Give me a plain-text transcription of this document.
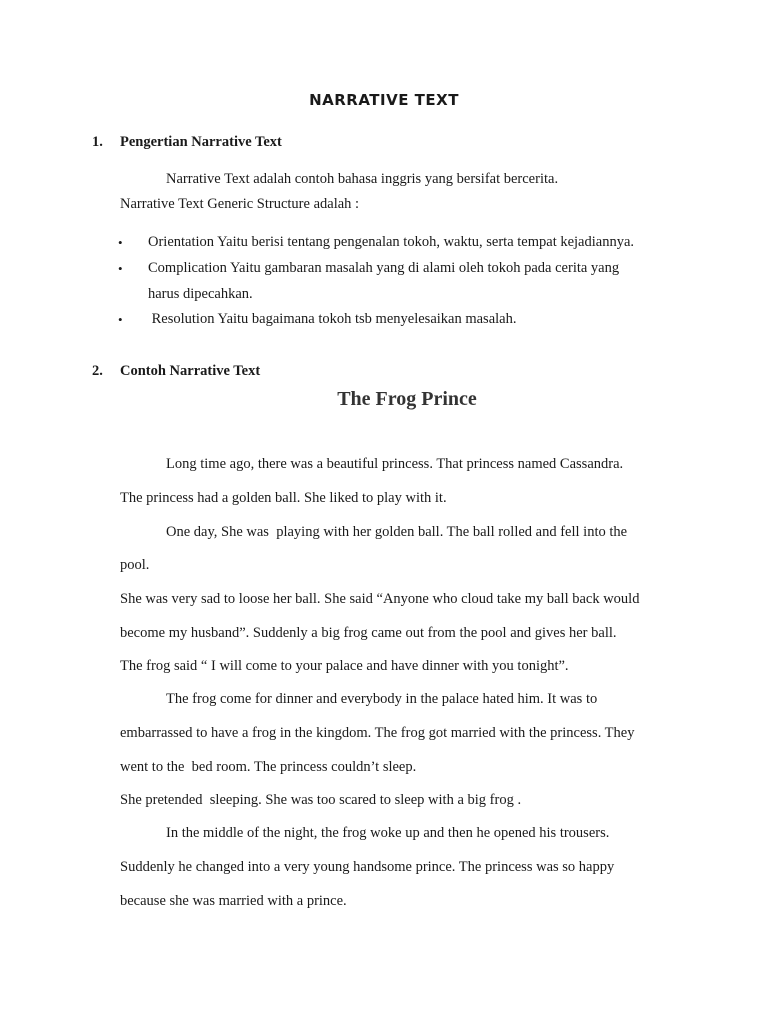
NARRATIVE TEXT
1. Pengertian Narrative Text
Narrative Text adalah contoh bahasa inggris yang bersifat bercerita.
Narrative Text Generic Structure adalah :
• Orientation Yaitu berisi tentang pengenalan tokoh, waktu, serta tempat kejadiannya.
• Complication Yaitu gambaran masalah yang di alami oleh tokoh pada cerita yang
harus dipecahkan.
• Resolution Yaitu bagaimana tokoh tsb menyelesaikan masalah.
2. Contoh Narrative Text
The Frog Prince
Long time ago, there was a beautiful princess. That princess named Cassandra.
The princess had a golden ball. She liked to play with it.
One day, She was  playing with her golden ball. The ball rolled and fell into the
pool.
She was very sad to loose her ball. She said “Anyone who cloud take my ball back would
become my husband”. Suddenly a big frog came out from the pool and gives her ball.
The frog said “ I will come to your palace and have dinner with you tonight”.
The frog come for dinner and everybody in the palace hated him. It was to
embarrassed to have a frog in the kingdom. The frog got married with the princess. They
went to the  bed room. The princess couldn’t sleep.
She pretended  sleeping. She was too scared to sleep with a big frog .
In the middle of the night, the frog woke up and then he opened his trousers.
Suddenly he changed into a very young handsome prince. The princess was so happy
because she was married with a prince.
